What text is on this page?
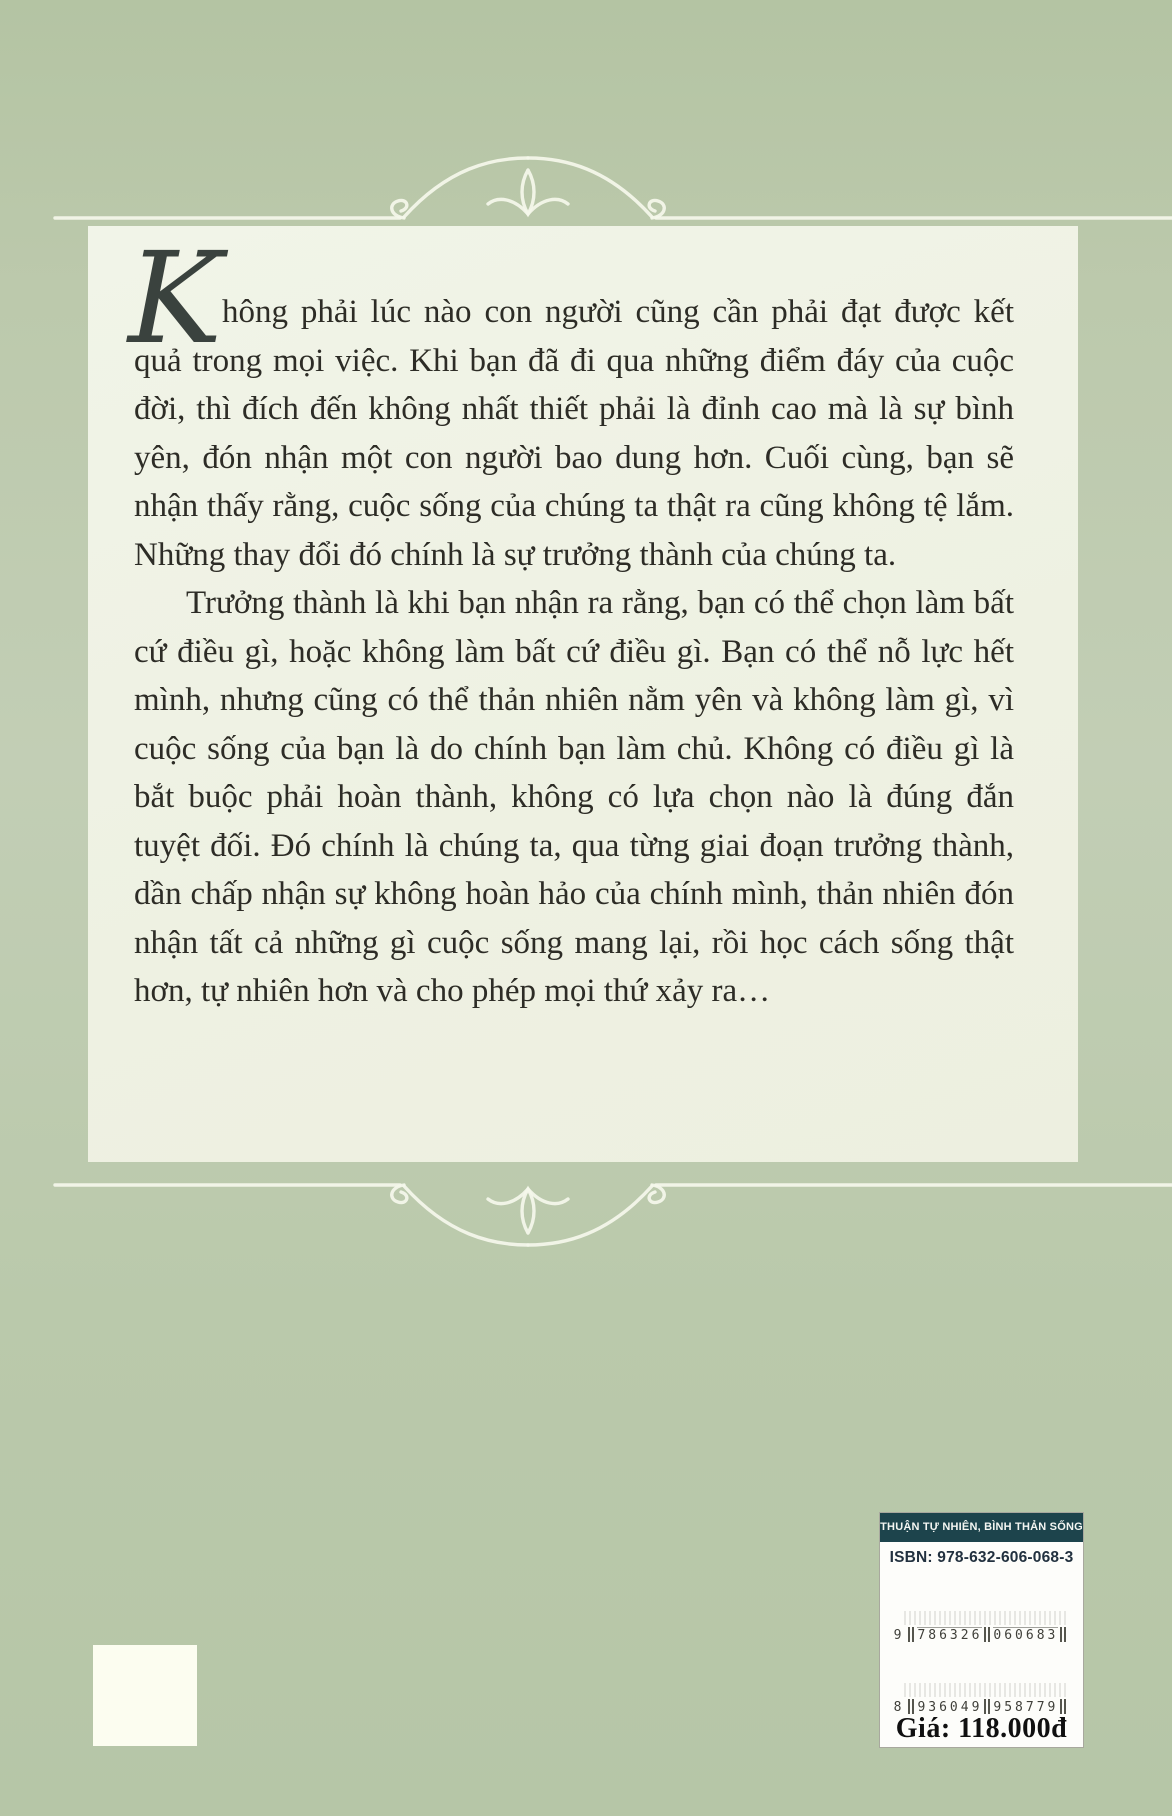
K hông phải lúc nào con người cũng cần phải đạt được kết quả trong mọi việc. Khi bạn đã đi qua những điểm đáy của cuộc đời, thì đích đến không nhất thiết phải là đỉnh cao mà là sự bình yên, đón nhận một con người bao dung hơn. Cuối cùng, bạn sẽ nhận thấy rằng, cuộc sống của chúng ta thật ra cũng không tệ lắm. Những thay đổi đó chính là sự trưởng thành của chúng ta.

Trưởng thành là khi bạn nhận ra rằng, bạn có thể chọn làm bất cứ điều gì, hoặc không làm bất cứ điều gì. Bạn có thể nỗ lực hết mình, nhưng cũng có thể thản nhiên nằm yên và không làm gì, vì cuộc sống của bạn là do chính bạn làm chủ. Không có điều gì là bắt buộc phải hoàn thành, không có lựa chọn nào là đúng đắn tuyệt đối. Đó chính là chúng ta, qua từng giai đoạn trưởng thành, dần chấp nhận sự không hoàn hảo của chính mình, thản nhiên đón nhận tất cả những gì cuộc sống mang lại, rồi học cách sống thật hơn, tự nhiên hơn và cho phép mọi thứ xảy ra…

THUẬN TỰ NHIÊN, BÌNH THẢN SỐNG
ISBN: 978-632-606-068-3
9 786326 060683
8 936049 958779
Giá: 118.000đ
